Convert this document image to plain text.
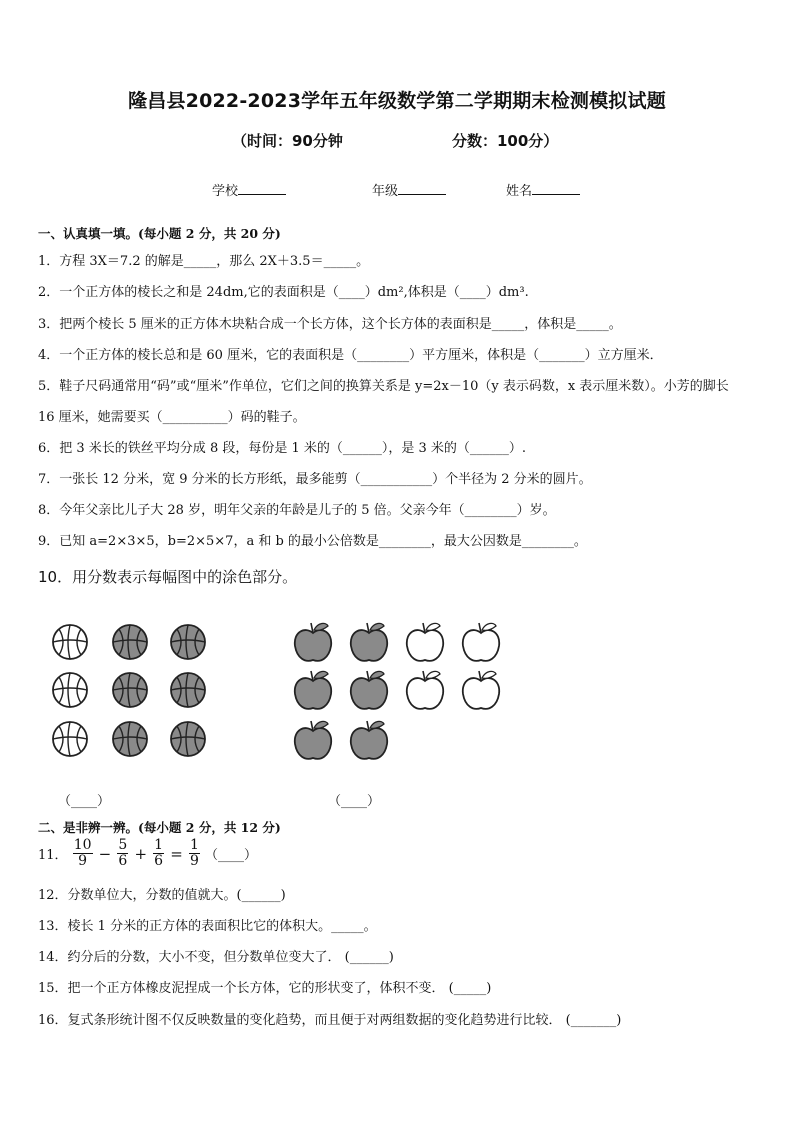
隆昌县2022-2023学年五年级数学第二学期期末检测模拟试题
（时间：90分钟	分数：100分）
学校	年级	姓名
一、认真填一填。(每小题 2 分，共 20 分)
1．方程 3X＝7.2 的解是_____，那么 2X＋3.5＝_____。
2．一个正方体的棱长之和是 24dm,它的表面积是（____）dm²,体积是（____）dm³.
3．把两个棱长 5 厘米的正方体木块粘合成一个长方体，这个长方体的表面积是_____，体积是_____。
4．一个正方体的棱长总和是 60 厘米，它的表面积是（________）平方厘米，体积是（_______）立方厘米．
5．鞋子尺码通常用“码”或“厘米”作单位，它们之间的换算关系是 y=2x－10（y 表示码数，x 表示厘米数）。小芳的脚长
16 厘米，她需要买（__________）码的鞋子。
6．把 3 米长的铁丝平均分成 8 段，每份是 1 米的（______），是 3 米的（______）.
7．一张长 12 分米，宽 9 分米的长方形纸，最多能剪（___________）个半径为 2 分米的圆片。
8．今年父亲比儿子大 28 岁，明年父亲的年龄是儿子的 5 倍。父亲今年（________）岁。
9．已知 a=2×3×5，b=2×5×7，a 和 b 的最小公倍数是________，最大公因数是________。
10．用分数表示每幅图中的涂色部分。
（____）	（____）
二、是非辨一辨。(每小题 2 分，共 12 分)
11． $\frac{10}{9} - \frac{5}{6} + \frac{1}{6} = \frac{1}{9}$ （____）
12．分数单位大，分数的值就大。(______)
13．棱长 1 分米的正方体的表面积比它的体积大。_____。
14．约分后的分数，大小不变，但分数单位变大了． (______)
15．把一个正方体橡皮泥捏成一个长方体，它的形状变了，体积不变． (_____)
16．复式条形统计图不仅反映数量的变化趋势，而且便于对两组数据的变化趋势进行比较． (_______)
